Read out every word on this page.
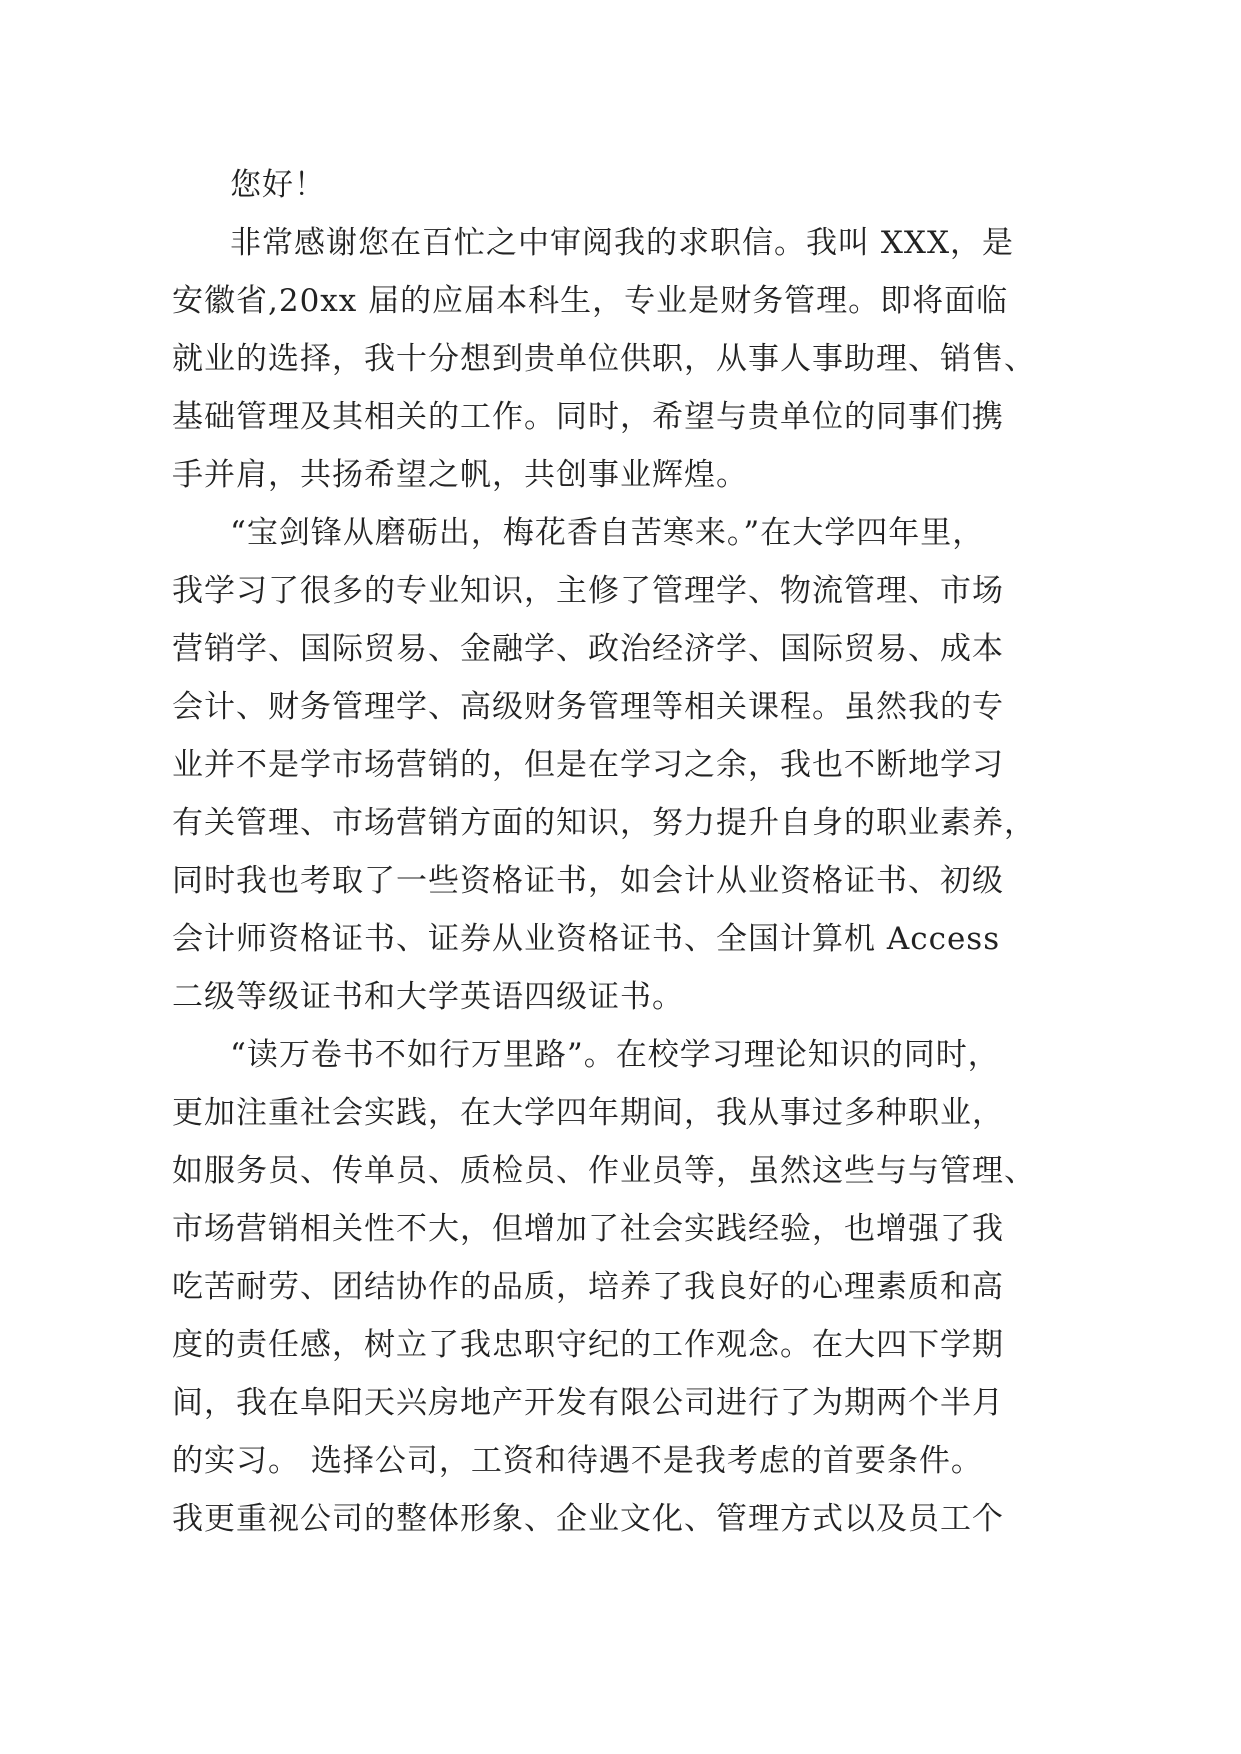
您好！

非常感谢您在百忙之中审阅我的求职信。我叫 XXX，是

安徽省,20xx 届的应届本科生，专业是财务管理。即将面临

就业的选择，我十分想到贵单位供职，从事人事助理、销售、

基础管理及其相关的工作。同时，希望与贵单位的同事们携

手并肩，共扬希望之帆，共创事业辉煌。

“宝剑锋从磨砺出，梅花香自苦寒来。”在大学四年里，

我学习了很多的专业知识，主修了管理学、物流管理、市场

营销学、国际贸易、金融学、政治经济学、国际贸易、成本

会计、财务管理学、高级财务管理等相关课程。虽然我的专

业并不是学市场营销的，但是在学习之余，我也不断地学习

有关管理、市场营销方面的知识，努力提升自身的职业素养，

同时我也考取了一些资格证书，如会计从业资格证书、初级

会计师资格证书、证券从业资格证书、全国计算机 Access

二级等级证书和大学英语四级证书。

“读万卷书不如行万里路”。在校学习理论知识的同时，

更加注重社会实践，在大学四年期间，我从事过多种职业，

如服务员、传单员、质检员、作业员等，虽然这些与与管理、

市场营销相关性不大，但增加了社会实践经验，也增强了我

吃苦耐劳、团结协作的品质，培养了我良好的心理素质和高

度的责任感，树立了我忠职守纪的工作观念。在大四下学期

间，我在阜阳天兴房地产开发有限公司进行了为期两个半月

的实习。 选择公司，工资和待遇不是我考虑的首要条件。

我更重视公司的整体形象、企业文化、管理方式以及员工个
